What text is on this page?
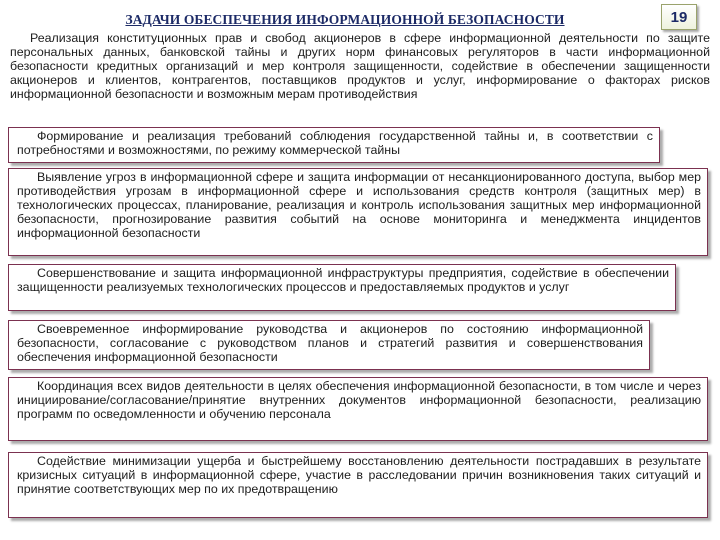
ЗАДАЧИ ОБЕСПЕЧЕНИЯ ИНФОРМАЦИОННОЙ БЕЗОПАСНОСТИ	19

Реализация конституционных прав и свобод акционеров в сфере информационной деятельности по защите персональных данных, банковской тайны и других норм финансовых регуляторов в части информационной безопасности кредитных организаций и мер контроля защищенности, содействие в обеспечении защищенности акционеров и клиентов, контрагентов, поставщиков продуктов и услуг, информирование о факторах рисков информационной безопасности и возможным мерам противодействия

Формирование и реализация требований соблюдения государственной тайны и, в соответствии с потребностями и возможностями, по режиму коммерческой тайны

Выявление угроз в информационной сфере и защита информации от несанкционированного доступа, выбор мер противодействия угрозам в информационной сфере и использования средств контроля (защитных мер) в технологических процессах, планирование, реализация и контроль использования защитных мер информационной безопасности, прогнозирование развития событий на основе мониторинга и менеджмента инцидентов информационной безопасности

Совершенствование и защита информационной инфраструктуры предприятия, содействие в обеспечении защищенности реализуемых технологических процессов и предоставляемых продуктов и услуг

Своевременное информирование руководства и акционеров по состоянию информационной безопасности, согласование с руководством планов и стратегий развития и совершенствования обеспечения информационной безопасности

Координация всех видов деятельности в целях обеспечения информационной безопасности, в том числе и через инициирование/согласование/принятие внутренних документов информационной безопасности, реализацию программ по осведомленности и обучению персонала

Содействие минимизации ущерба и быстрейшему восстановлению деятельности пострадавших в результате кризисных ситуаций в информационной сфере, участие в расследовании причин возникновения таких ситуаций и принятие соответствующих мер по их предотвращению
